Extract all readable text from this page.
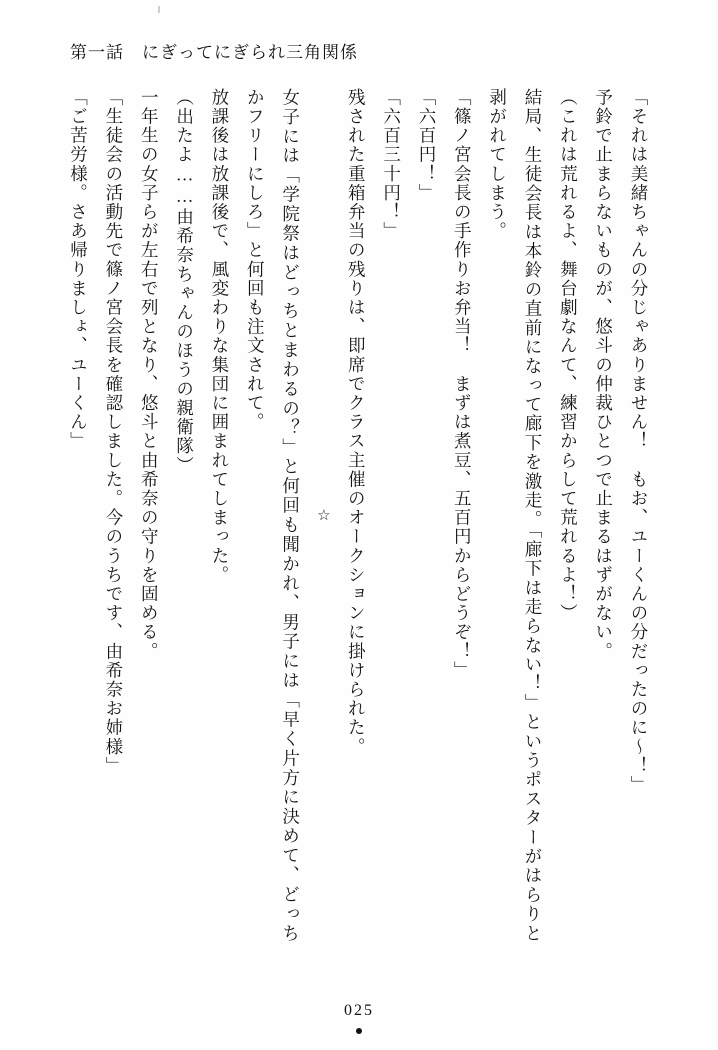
第一話 にぎってにぎられ三角関係

「それは美緒ちゃんの分じゃありません！　もお、ユーくんの分だったのに～！」

予鈴で止まらないものが、悠斗の仲裁ひとつで止まるはずがない。

（これは荒れるよ、舞台劇なんて、練習からして荒れるよ！）

結局、生徒会長は本鈴の直前になって廊下を激走。「廊下は走らない！」というポスターがはらりと剥がれてしまう。

「篠ノ宮会長の手作りお弁当！　まずは煮豆、五百円からどうぞ！」

「六百円！」

「六百三十円！」

残された重箱弁当の残りは、即席でクラス主催のオークションに掛けられた。

☆

女子には「学院祭はどっちとまわるの？」と何回も聞かれ、男子には「早く片方に決めて、どっちかフリーにしろ」と何回も注文されて。

放課後は放課後で、風変わりな集団に囲まれてしまった。

（出たよ……由希奈ちゃんのほうの親衛隊）

一年生の女子らが左右で列となり、悠斗と由希奈の守りを固める。

「生徒会の活動先で篠ノ宮会長を確認しました。今のうちです、由希奈お姉様」

「ご苦労様。さあ帰りましょ、ユーくん」

025
